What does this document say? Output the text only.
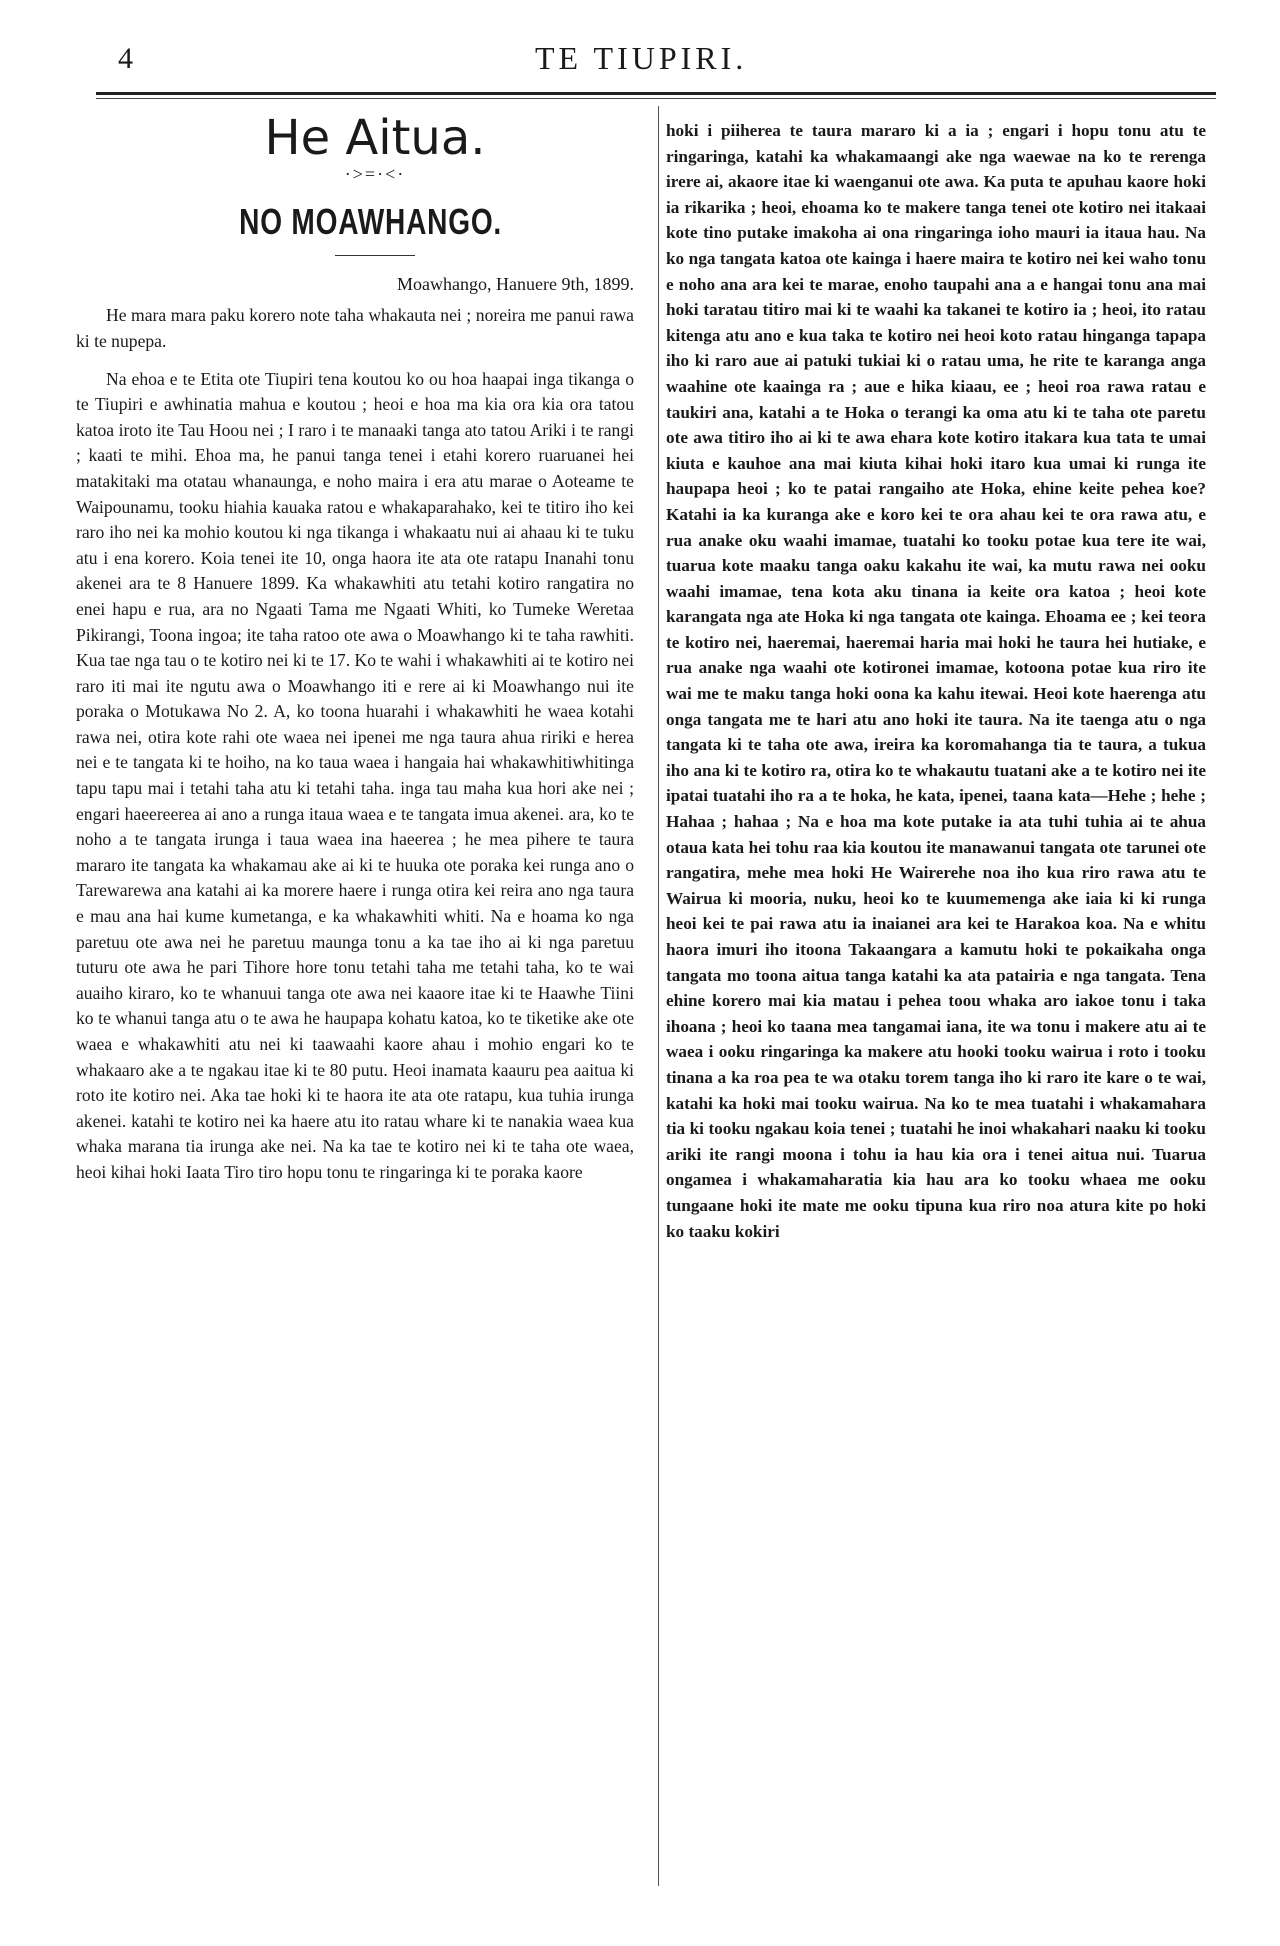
4	TE TIUPIRI.
He Aitua.
·>=·<·
NO MOAWHANGO.
Moawhango, Hanuere 9th, 1899.

He mara mara paku korero note taha whakauta nei ; noreira me panui rawa ki te nupepa.

Na ehoa e te Etita ote Tiupiri tena koutou ko ou hoa haapai inga tikanga o te Tiupiri e awhinatia mahua e koutou ; heoi e hoa ma kia ora kia ora tatou katoa iroto ite Tau Hoou nei ; I raro i te manaaki tanga ato tatou Ariki i te rangi ; kaati te mihi. Ehoa ma, he panui tanga tenei i etahi korero ruaruanei hei matakitaki ma otatau whanaunga, e noho maira i era atu marae o Aoteame te Waipounamu, tooku hiahia kauaka ratou e whakaparahako, kei te titiro iho kei raro iho nei ka mohio koutou ki nga tikanga i whakaatu nui ai ahaau ki te tuku atu i ena korero. Koia tenei ite 10, onga haora ite ata ote ratapu Inanahi tonu akenei ara te 8 Hanuere 1899. Ka whakawhiti atu tetahi kotiro rangatira no enei hapu e rua, ara no Ngaati Tama me Ngaati Whiti, ko Tumeke Weretaa Pikirangi, Toona ingoa; ite taha ratoo ote awa o Moawhango ki te taha rawhiti. Kua tae nga tau o te kotiro nei ki te 17. Ko te wahi i whakawhiti ai te kotiro nei raro iti mai ite ngutu awa o Moawhango iti e rere ai ki Moawhango nui ite poraka o Motukawa No 2. A, ko toona huarahi i whakawhiti he waea kotahi rawa nei, otira kote rahi ote waea nei ipenei me nga taura ahua ririki e herea nei e te tangata ki te hoiho, na ko taua waea i hangaia hai whakawhitiwhitinga tapu tapu mai i tetahi taha atu ki tetahi taha. inga tau maha kua hori ake nei ; engari haeereerea ai ano a runga itaua waea e te tangata imua akenei. ara, ko te noho a te tangata irunga i taua waea ina haeerea ; he mea pihere te taura mararo ite tangata ka whakamau ake ai ki te huuka ote poraka kei runga ano o Tarewarewa ana katahi ai ka morere haere i runga otira kei reira ano nga taura e mau ana hai kume kumetanga, e ka whakawhiti whiti. Na e hoama ko nga paretuu ote awa nei he paretuu maunga tonu a ka tae iho ai ki nga paretuu tuturu ote awa he pari Tihore hore tonu tetahi taha me tetahi taha, ko te wai auaiho kiraro, ko te whanuui tanga ote awa nei kaaore itae ki te Haawhe Tiini ko te whanui tanga atu o te awa he haupapa kohatu katoa, ko te tiketike ake ote waea e whakawhiti atu nei ki taawaahi kaore ahau i mohio engari ko te whakaaro ake a te ngakau itae ki te 80 putu. Heoi inamata kaauru pea aaitua ki roto ite kotiro nei. Aka tae hoki ki te haora ite ata ote ratapu, kua tuhia irunga akenei. katahi te kotiro nei ka haere atu ito ratau whare ki te nanakia waea kua whaka marana tia irunga ake nei. Na ka tae te kotiro nei ki te taha ote waea, heoi kihai hoki Iaata Tiro tiro hopu tonu te ringaringa ki te poraka kaore

hoki i piiherea te taura mararo ki a ia ; engari i hopu tonu atu te ringaringa, katahi ka whakamaangi ake nga waewae na ko te rerenga irere ai, akaore itae ki waenganui ote awa. Ka puta te apuhau kaore hoki ia rikarika ; heoi, ehoama ko te makere tanga tenei ote kotiro nei itakaai kote tino putake imakoha ai ona ringaringa ioho mauri ia itaua hau. Na ko nga tangata katoa ote kainga i haere maira te kotiro nei kei waho tonu e noho ana ara kei te marae, enoho taupahi ana a e hangai tonu ana mai hoki taratau titiro mai ki te waahi ka takanei te kotiro ia ; heoi, ito ratau kitenga atu ano e kua taka te kotiro nei heoi koto ratau hinganga tapapa iho ki raro aue ai patuki tukiai ki o ratau uma, he rite te karanga anga waahine ote kaainga ra ; aue e hika kiaau, ee ; heoi roa rawa ratau e taukiri ana, katahi a te Hoka o terangi ka oma atu ki te taha ote paretu ote awa titiro iho ai ki te awa ehara kote kotiro itakara kua tata te umai kiuta e kauhoe ana mai kiuta kihai hoki itaro kua umai ki runga ite haupapa heoi ; ko te patai rangaiho ate Hoka, ehine keite pehea koe? Katahi ia ka kuranga ake e koro kei te ora ahau kei te ora rawa atu, e rua anake oku waahi imamae, tuatahi ko tooku potae kua tere ite wai, tuarua kote maaku tanga oaku kakahu ite wai, ka mutu rawa nei ooku waahi imamae, tena kota aku tinana ia keite ora katoa ; heoi kote karangata nga ate Hoka ki nga tangata ote kainga. Ehoama ee ; kei teora te kotiro nei, haeremai, haeremai haria mai hoki he taura hei hutiake, e rua anake nga waahi ote kotironei imamae, kotoona potae kua riro ite wai me te maku tanga hoki oona ka kahu itewai. Heoi kote haerenga atu onga tangata me te hari atu ano hoki ite taura. Na ite taenga atu o nga tangata ki te taha ote awa, ireira ka koromahanga tia te taura, a tukua iho ana ki te kotiro ra, otira ko te whakautu tuatani ake a te kotiro nei ite ipatai tuatahi iho ra a te hoka, he kata, ipenei, taana kata—Hehe ; hehe ; Hahaa ; hahaa ; Na e hoa ma kote putake ia ata tuhi tuhia ai te ahua otaua kata hei tohu raa kia koutou ite manawanui tangata ote tarunei ote rangatira, mehe mea hoki He Wairerehe noa iho kua riro rawa atu te Wairua ki mooria, nuku, heoi ko te kuumemenga ake iaia ki ki runga heoi kei te pai rawa atu ia inaianei ara kei te Harakoa koa. Na e whitu haora imuri iho itoona Takaangara a kamutu hoki te pokaikaha onga tangata mo toona aitua tanga katahi ka ata patairia e nga tangata. Tena ehine korero mai kia matau i pehea toou whaka aro iakoe tonu i taka ihoana ; heoi ko taana mea tangamai iana, ite wa tonu i makere atu ai te waea i ooku ringaringa ka makere atu hooki tooku wairua i roto i tooku tinana a ka roa pea te wa otaku torem tanga iho ki raro ite kare o te wai, katahi ka hoki mai tooku wairua. Na ko te mea tuatahi i whakamahara tia ki tooku ngakau koia tenei ; tuatahi he inoi whakahari naaku ki tooku ariki ite rangi moona i tohu ia hau kia ora i tenei aitua nui. Tuarua ongamea i whakamaharatia kia hau ara ko tooku whaea me ooku tungaane hoki ite mate me ooku tipuna kua riro noa atura kite po hoki ko taaku kokiri
